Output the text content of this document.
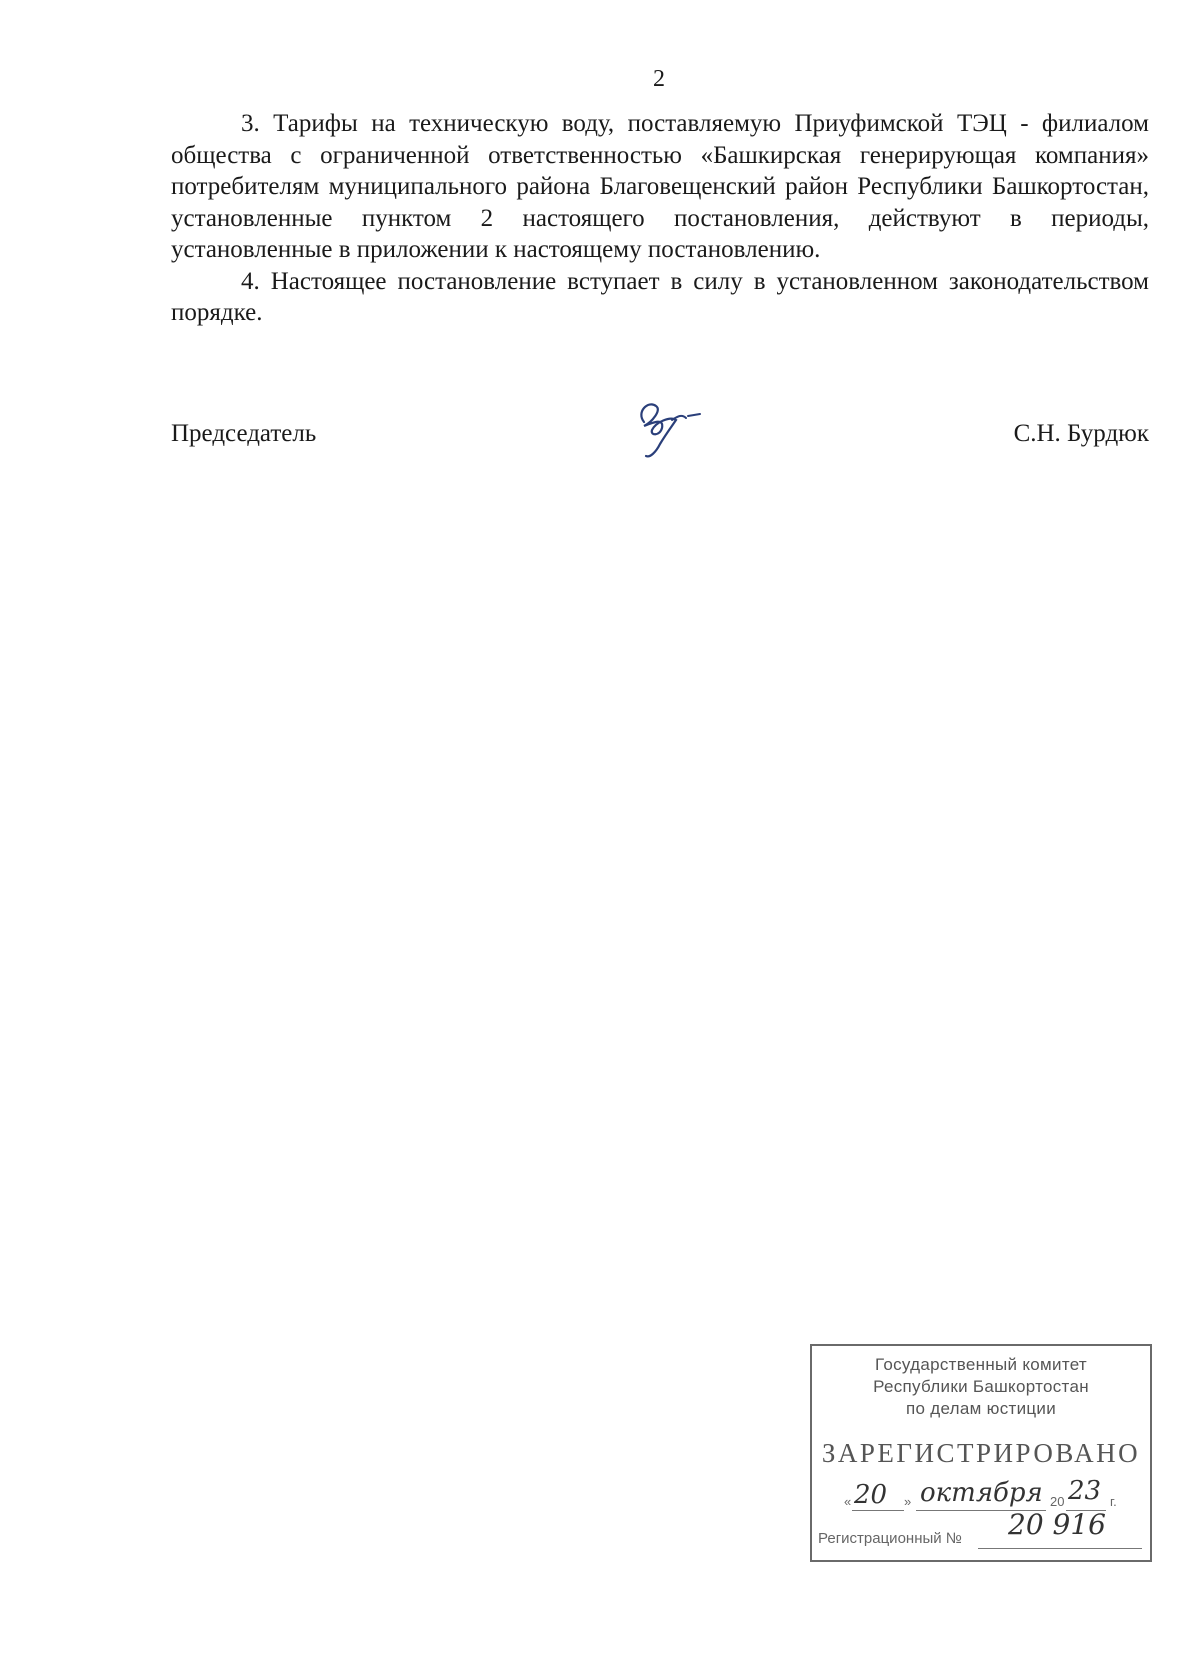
2

3. Тарифы на техническую воду, поставляемую Приуфимской ТЭЦ - филиалом общества с ограниченной ответственностью «Башкирская генерирующая компания» потребителям муниципального района Благовещенский район Республики Башкортостан, установленные пунктом 2 настоящего постановления, действуют в периоды, установленные в приложении к настоящему постановлению.

4. Настоящее постановление вступает в силу в установленном законодательством порядке.

Председатель	С.Н. Бурдюк
Государственный комитет
Республики Башкортостан
по делам юстиции
ЗАРЕГИСТРИРОВАНО
« 20 » октября 20 23 г.
Регистрационный № 20 916
